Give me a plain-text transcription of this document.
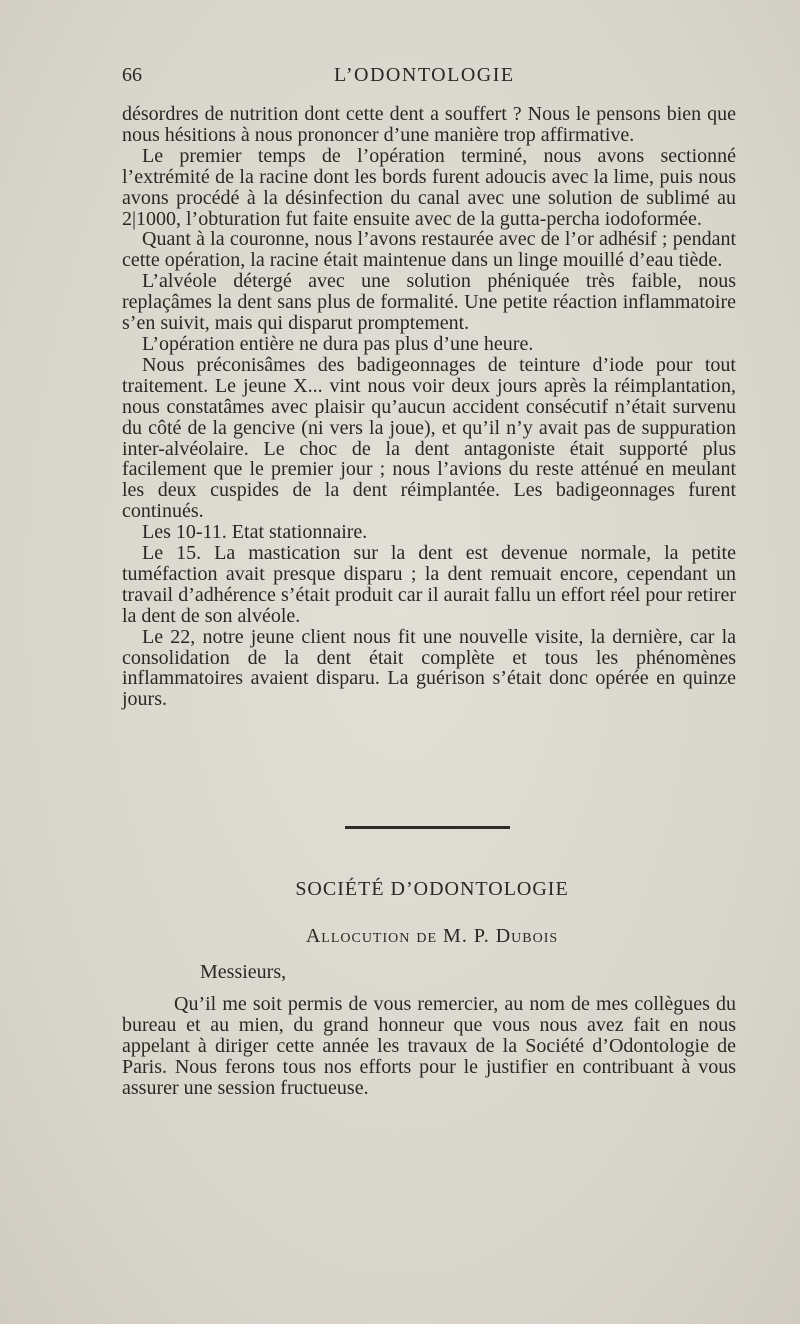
66	L’ODONTOLOGIE

désordres de nutrition dont cette dent a souffert ? Nous le pensons bien que nous hésitions à nous prononcer d’une manière trop affirmative.

Le premier temps de l’opération terminé, nous avons sectionné l’extrémité de la racine dont les bords furent adoucis avec la lime, puis nous avons procédé à la désinfection du canal avec une solution de sublimé au 2|1000, l’obturation fut faite ensuite avec de la gutta-percha iodoformée.

Quant à la couronne, nous l’avons restaurée avec de l’or adhésif ; pendant cette opération, la racine était maintenue dans un linge mouillé d’eau tiède.

L’alvéole détergé avec une solution phéniquée très faible, nous replaçâmes la dent sans plus de formalité. Une petite réaction inflammatoire s’en suivit, mais qui disparut promptement.

L’opération entière ne dura pas plus d’une heure.

Nous préconisâmes des badigeonnages de teinture d’iode pour tout traitement. Le jeune X... vint nous voir deux jours après la réimplantation, nous constatâmes avec plaisir qu’aucun accident consécutif n’était survenu du côté de la gencive (ni vers la joue), et qu’il n’y avait pas de suppuration inter-alvéolaire. Le choc de la dent antagoniste était supporté plus facilement que le premier jour ; nous l’avions du reste atténué en meulant les deux cuspides de la dent réimplantée. Les badigeonnages furent continués.

Les 10-11. Etat stationnaire.

Le 15. La mastication sur la dent est devenue normale, la petite tuméfaction avait presque disparu ; la dent remuait encore, cependant un travail d’adhérence s’était produit car il aurait fallu un effort réel pour retirer la dent de son alvéole.

Le 22, notre jeune client nous fit une nouvelle visite, la dernière, car la consolidation de la dent était complète et tous les phénomènes inflammatoires avaient disparu. La guérison s’était donc opérée en quinze jours.

SOCIÉTÉ D’ODONTOLOGIE
Allocution de M. P. Dubois
Messieurs,

Qu’il me soit permis de vous remercier, au nom de mes collègues du bureau et au mien, du grand honneur que vous nous avez fait en nous appelant à diriger cette année les travaux de la Société d’Odontologie de Paris. Nous ferons tous nos efforts pour le justifier en contribuant à vous assurer une session fructueuse.
